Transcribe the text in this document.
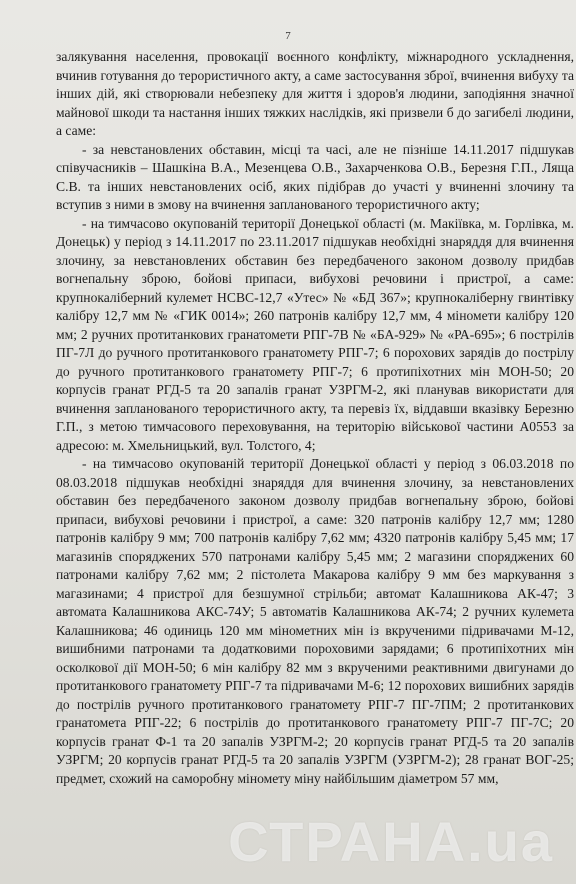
7

залякування населення, провокації воєнного конфлікту, міжнародного ускладнення, вчинив готування до терористичного акту, а саме застосування зброї, вчинення вибуху та інших дій, які створювали небезпеку для життя і здоров'я людини, заподіяння значної майнової шкоди та настання інших тяжких наслідків, які призвели б до загибелі людини, а саме:

- за невстановлених обставин, місці та часі, але не пізніше 14.11.2017 підшукав співучасників – Шашкіна В.А., Мезенцева О.В., Захарченкова О.В., Березня Г.П., Ляща С.В. та інших невстановлених осіб, яких підібрав до участі у вчиненні злочину та вступив з ними в змову на вчинення запланованого терористичного акту;

- на тимчасово окупованій території Донецької області (м. Макіївка, м. Горлівка, м. Донецьк) у період з 14.11.2017 по 23.11.2017 підшукав необхідні знаряддя для вчинення злочину, за невстановлених обставин без передбаченого законом дозволу придбав вогнепальну зброю, бойові припаси, вибухові речовини і пристрої, а саме: крупнокаліберний кулемет НСВС-12,7 «Утес» № «БД 367»; крупнокаліберну гвинтівку калібру 12,7 мм № «ГИК 0014»; 260 патронів калібру 12,7 мм, 4 міномети калібру 120 мм; 2 ручних протитанкових гранатомети РПГ-7В № «БА-929» № «РА-695»; 6 пострілів ПГ-7Л до ручного протитанкового гранатомету РПГ-7; 6 порохових зарядів до пострілу до ручного протитанкового гранатомету РПГ-7; 6 протипіхотних мін МОН-50; 20 корпусів гранат РГД-5 та 20 запалів гранат УЗРГМ-2, які планував використати для вчинення запланованого терористичного акту, та перевіз їх, віддавши вказівку Березню Г.П., з метою тимчасового переховування, на територію військової частини А0553 за адресою: м. Хмельницький, вул. Толстого, 4;

- на тимчасово окупованій території Донецької області у період з 06.03.2018 по 08.03.2018 підшукав необхідні знаряддя для вчинення злочину, за невстановлених обставин без передбаченого законом дозволу придбав вогнепальну зброю, бойові припаси, вибухові речовини і пристрої, а саме: 320 патронів калібру 12,7 мм; 1280 патронів калібру 9 мм; 700 патронів калібру 7,62 мм; 4320 патронів калібру 5,45 мм; 17 магазинів споряджених 570 патронами калібру 5,45 мм; 2 магазини споряджених 60 патронами калібру 7,62 мм; 2 пістолета Макарова калібру 9 мм без маркування з магазинами; 4 пристрої для безшумної стрільби; автомат Калашникова АК-47; 3 автомата Калашникова АКС-74У; 5 автоматів Калашникова АК-74; 2 ручних кулемета Калашникова; 46 одиниць 120 мм мінометних мін із вкрученими підривачами М-12, вишибними патронами та додатковими пороховими зарядами; 6 протипіхотних мін осколкової дії МОН-50; 6 мін калібру 82 мм з вкрученими реактивними двигунами до протитанкового гранатомету РПГ-7 та підривачами М-6; 12 порохових вишибних зарядів до пострілів ручного протитанкового гранатомету РПГ-7 ПГ-7ПМ; 2 протитанкових гранатомета РПГ-22; 6 пострілів до протитанкового гранатомету РПГ-7 ПГ-7С; 20 корпусів гранат Ф-1 та 20 запалів УЗРГМ-2; 20 корпусів гранат РГД-5 та 20 запалів УЗРГМ; 20 корпусів гранат РГД-5 та 20 запалів УЗРГМ (УЗРГМ-2); 28 гранат ВОГ-25; предмет, схожий на саморобну міномету міну найбільшим діаметром 57 мм,

СТРАНА.ua
